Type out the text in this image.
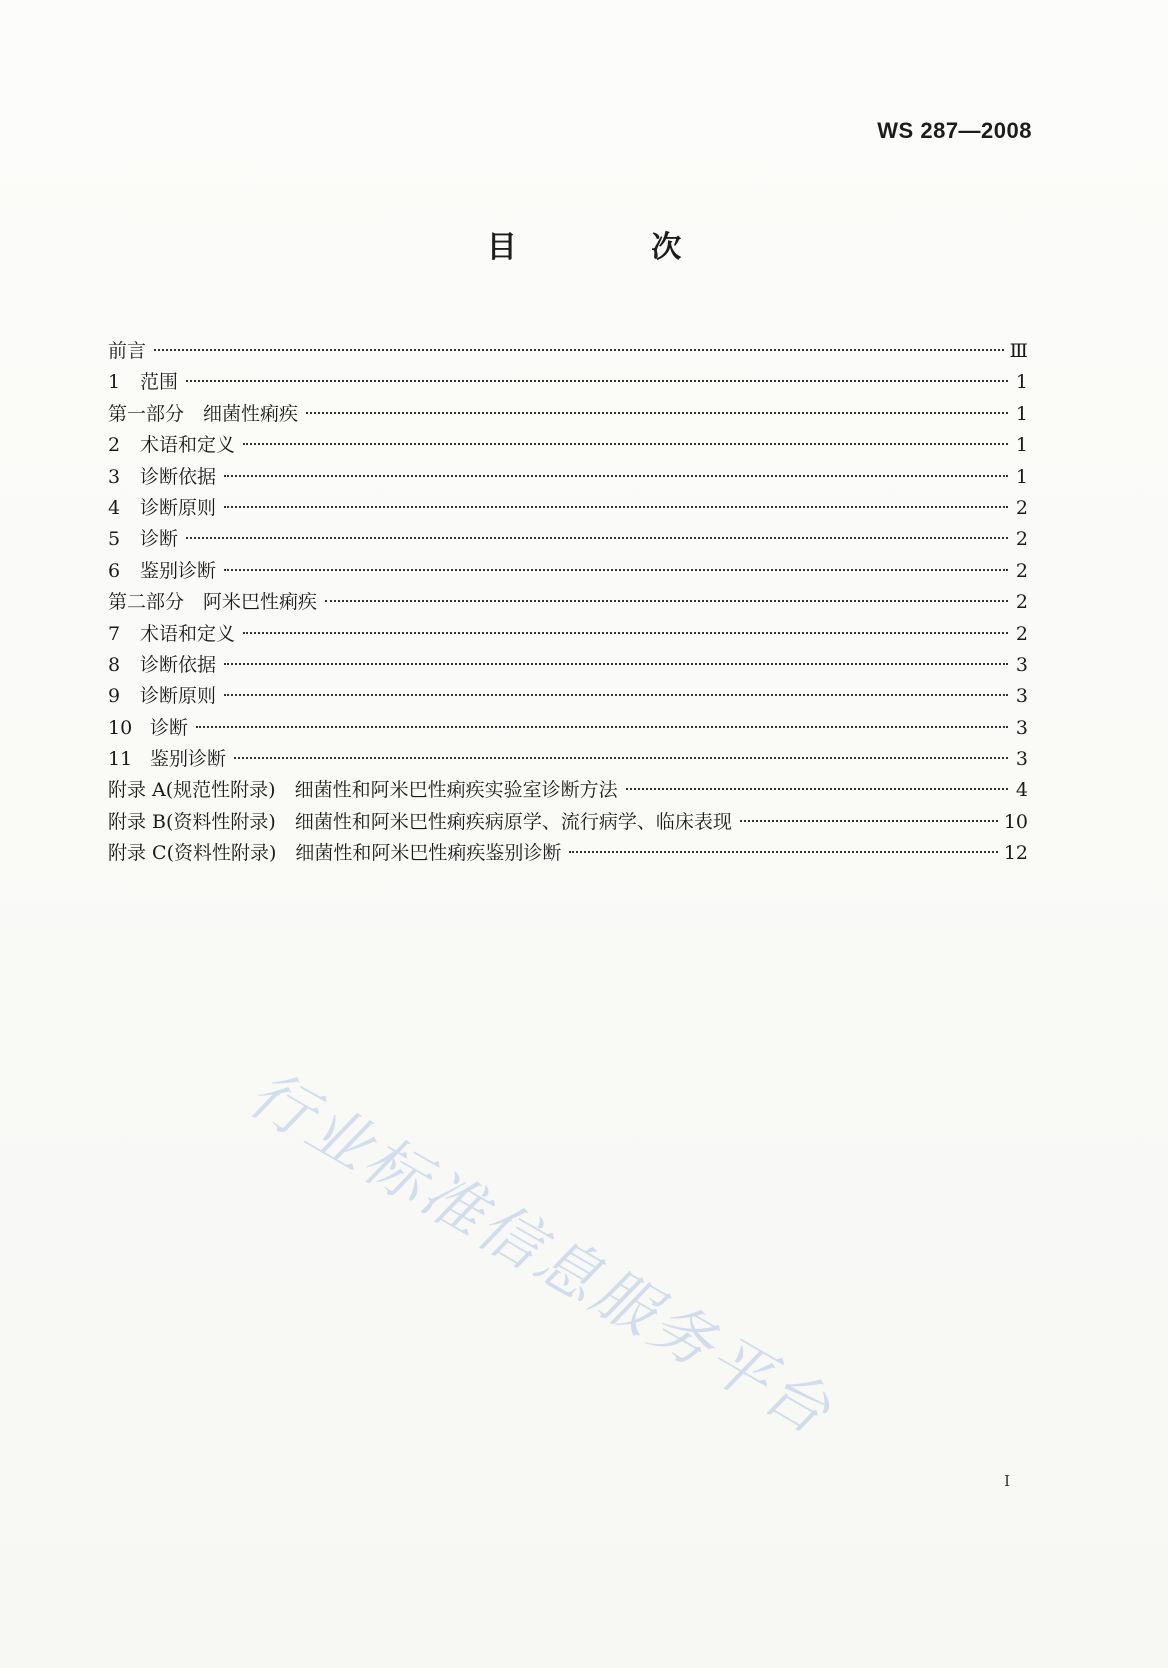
WS 287—2008
目 次
前言	Ⅲ
1	范围	1
第一部分　细菌性痢疾	1
2	术语和定义	1
3	诊断依据	1
4	诊断原则	2
5	诊断	2
6	鉴别诊断	2
第二部分　阿米巴性痢疾	2
7	术语和定义	2
8	诊断依据	3
9	诊断原则	3
10 诊断	3
11 鉴别诊断	3
附录 A(规范性附录)　细菌性和阿米巴性痢疾实验室诊断方法	4
附录 B(资料性附录)　细菌性和阿米巴性痢疾病原学、流行病学、临床表现	10
附录 C(资料性附录)　细菌性和阿米巴性痢疾鉴别诊断	12
行业标准信息服务平台
I
